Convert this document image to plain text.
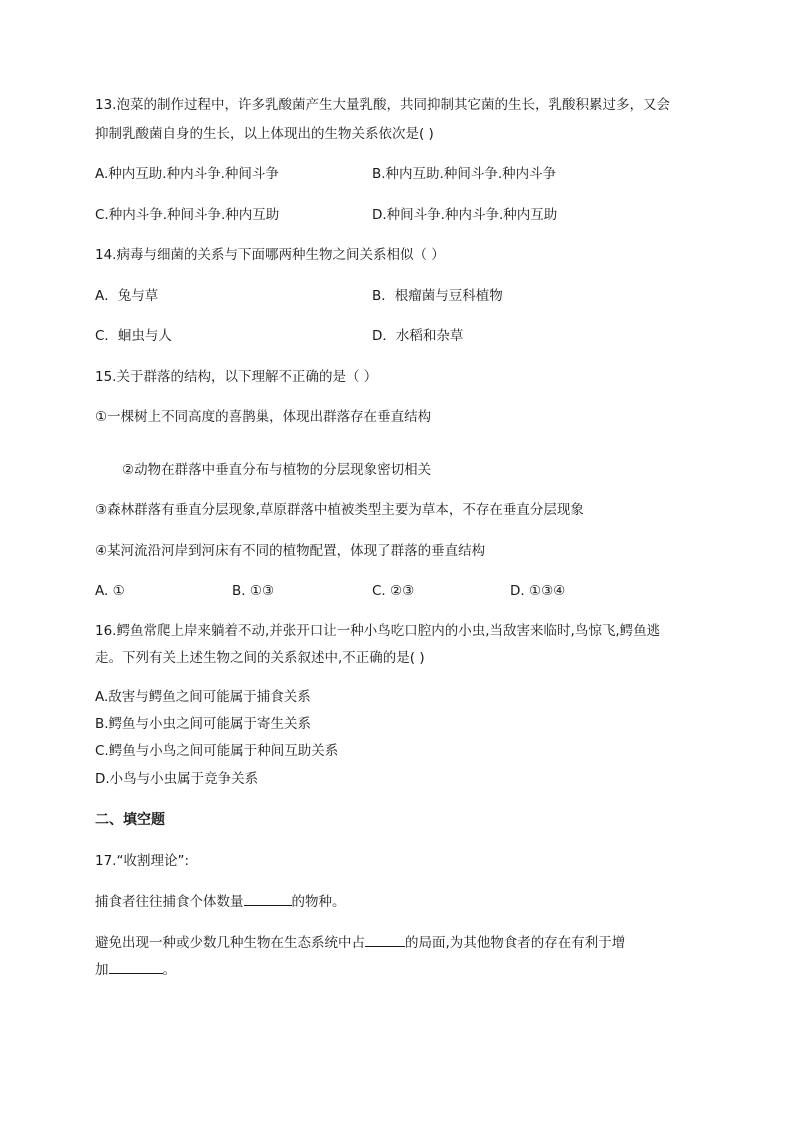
13.泡菜的制作过程中，许多乳酸菌产生大量乳酸，共同抑制其它菌的生长，乳酸积累过多，又会
抑制乳酸菌自身的生长，以上体现出的生物关系依次是( )
A.种内互助.种内斗争.种间斗争	B.种内互助.种间斗争.种内斗争
C.种内斗争.种间斗争.种内互助	D.种间斗争.种内斗争.种内互助
14.病毒与细菌的关系与下面哪两种生物之间关系相似（ ）
A．兔与草	B．根瘤菌与豆科植物
C．蛔虫与人	D．水稻和杂草
15.关于群落的结构，以下理解不正确的是（ ）
①一棵树上不同高度的喜鹊巢，体现出群落存在垂直结构
②动物在群落中垂直分布与植物的分层现象密切相关
③森林群落有垂直分层现象,草原群落中植被类型主要为草本，不存在垂直分层现象
④某河流沿河岸到河床有不同的植物配置，体现了群落的垂直结构
A. ①	B. ①③	C. ②③	D. ①③④
16.鳄鱼常爬上岸来躺着不动,并张开口让一种小鸟吃口腔内的小虫,当敌害来临时,鸟惊飞,鳄鱼逃
走。下列有关上述生物之间的关系叙述中,不正确的是( )
A.敌害与鳄鱼之间可能属于捕食关系
B.鳄鱼与小虫之间可能属于寄生关系
C.鳄鱼与小鸟之间可能属于种间互助关系
D.小鸟与小虫属于竞争关系
二、填空题
17.“收割理论”:
捕食者往往捕食个体数量	的物种。
避免出现一种或少数几种生物在生态系统中占	的局面,为其他物食者的存在有利于增
加	。
